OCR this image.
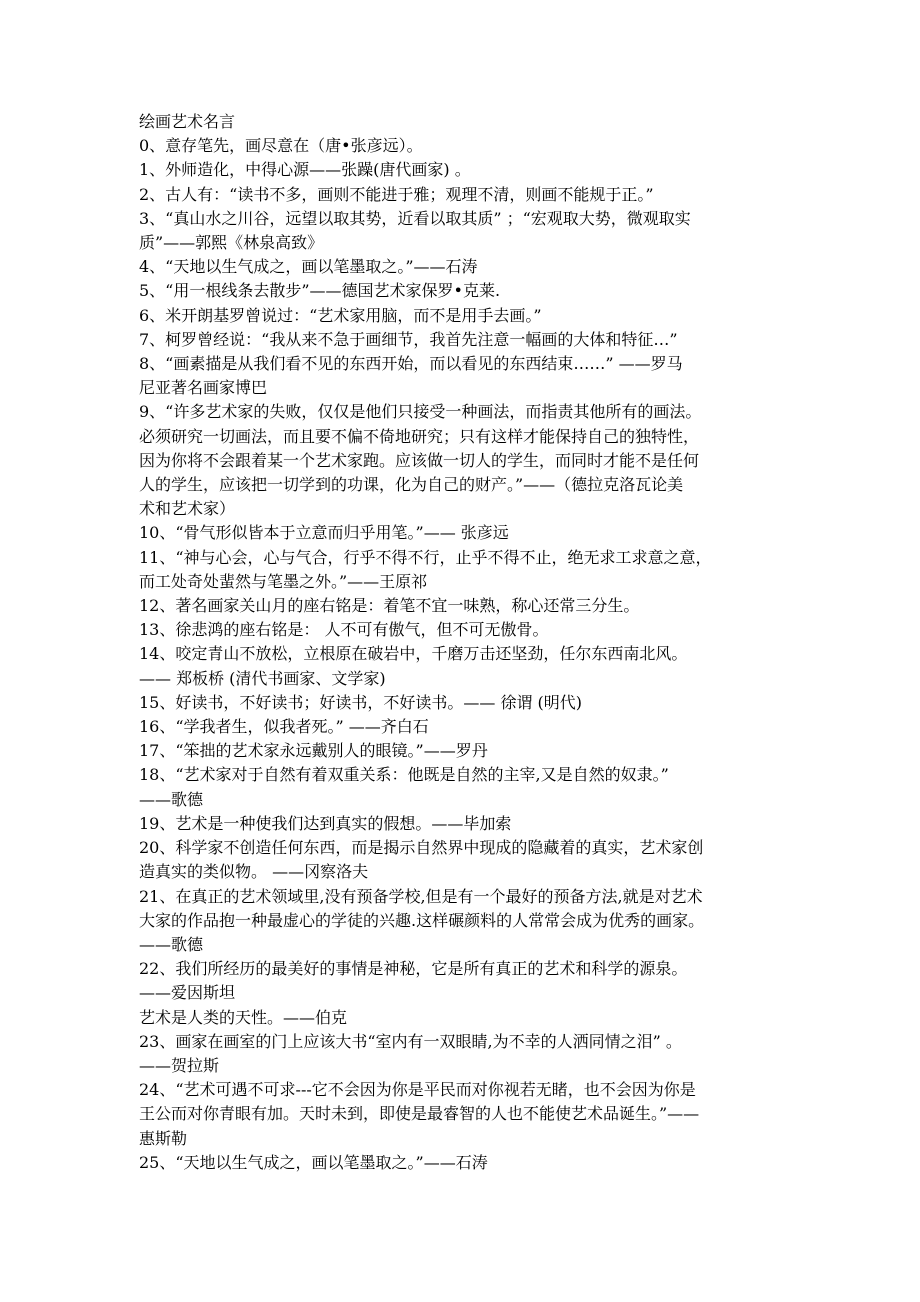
绘画艺术名言
0、意存笔先，画尽意在（唐•张彦远）。
1、外师造化，中得心源——张躁(唐代画家) 。
2、古人有：“读书不多，画则不能进于雅；观理不清，则画不能规于正。”
3、“真山水之川谷，远望以取其势，近看以取其质” ；“宏观取大势，微观取实
质”——郭熙《林泉高致》
4、“天地以生气成之，画以笔墨取之。”——石涛
5、“用一根线条去散步”——德国艺术家保罗•克莱.
6、米开朗基罗曾说过：“艺术家用脑，而不是用手去画。”
7、柯罗曾经说：“我从来不急于画细节，我首先注意一幅画的大体和特征…”
8、“画素描是从我们看不见的东西开始，而以看见的东西结束……” ——罗马
尼亚著名画家博巴
9、“许多艺术家的失败，仅仅是他们只接受一种画法，而指责其他所有的画法。
必须研究一切画法，而且要不偏不倚地研究；只有这样才能保持自己的独特性，
因为你将不会跟着某一个艺术家跑。应该做一切人的学生，而同时才能不是任何
人的学生，应该把一切学到的功课，化为自己的财产。”——（德拉克洛瓦论美
术和艺术家）
10、“骨气形似皆本于立意而归乎用笔。”—— 张彦远
11、“神与心会，心与气合，行乎不得不行，止乎不得不止，绝无求工求意之意，
而工处奇处蜚然与笔墨之外。”——王原祁
12、著名画家关山月的座右铭是：着笔不宜一味熟，称心还常三分生。
13、徐悲鸿的座右铭是： 人不可有傲气，但不可无傲骨。
14、咬定青山不放松，立根原在破岩中，千磨万击还坚劲，任尔东西南北风。
—— 郑板桥 (清代书画家、文学家)
15、好读书，不好读书；好读书，不好读书。—— 徐谓 (明代)
16、“学我者生，似我者死。” ——齐白石
17、“笨拙的艺术家永远戴别人的眼镜。”——罗丹
18、“艺术家对于自然有着双重关系：他既是自然的主宰,又是自然的奴隶。”
——歌德
19、艺术是一种使我们达到真实的假想。——毕加索
20、科学家不创造任何东西，而是揭示自然界中现成的隐藏着的真实，艺术家创
造真实的类似物。 ——冈察洛夫
21、在真正的艺术领域里,没有预备学校,但是有一个最好的预备方法,就是对艺术
大家的作品抱一种最虚心的学徒的兴趣.这样碾颜料的人常常会成为优秀的画家。
——歌德
22、我们所经历的最美好的事情是神秘，它是所有真正的艺术和科学的源泉。
——爱因斯坦
艺术是人类的天性。——伯克
23、画家在画室的门上应该大书“室内有一双眼睛,为不幸的人洒同情之泪” 。
——贺拉斯
24、“艺术可遇不可求---它不会因为你是平民而对你视若无睹，也不会因为你是
王公而对你青眼有加。天时未到，即使是最睿智的人也不能使艺术品诞生。”——
惠斯勒
25、“天地以生气成之，画以笔墨取之。”——石涛
